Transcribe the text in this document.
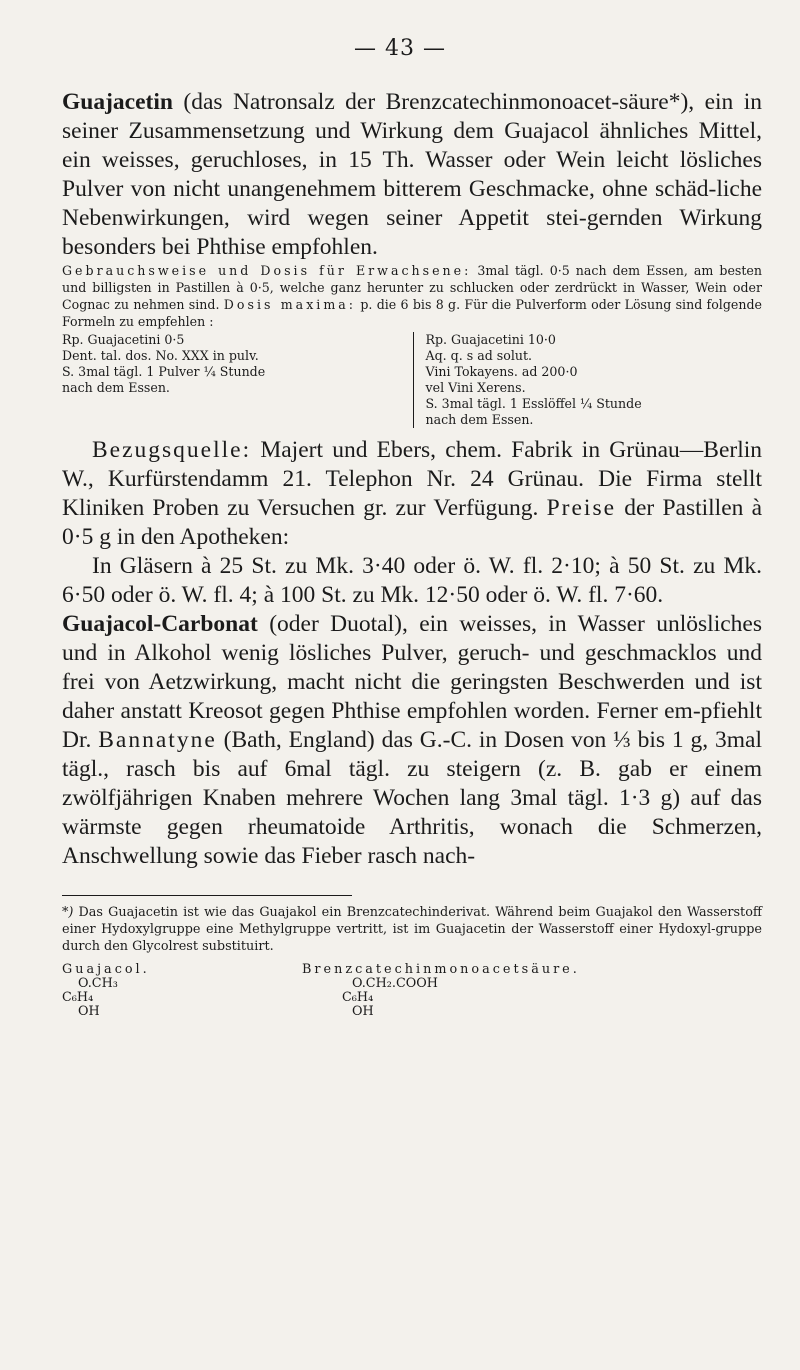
— 43 —

Guajacetin (das Natronsalz der Brenzcatechinmonoacet-säure*), ein in seiner Zusammensetzung und Wirkung dem Guajacol ähnliches Mittel, ein weisses, geruchloses, in 15 Th. Wasser oder Wein leicht lösliches Pulver von nicht unangenehmem bitterem Geschmacke, ohne schäd-liche Nebenwirkungen, wird wegen seiner Appetit stei-gernden Wirkung besonders bei Phthise empfohlen.

Gebrauchsweise und Dosis für Erwachsene: 3mal tägl. 0·5 nach dem Essen, am besten und billigsten in Pastillen à 0·5, welche ganz herunter zu schlucken oder zerdrückt in Wasser, Wein oder Cognac zu nehmen sind. Dosis maxima: p. die 6 bis 8 g. Für die Pulverform oder Lösung sind folgende Formeln zu empfehlen :

Rp. Guajacetini 0·5
Dent. tal. dos. No. XXX in pulv.
S. 3mal tägl. 1 Pulver ¼ Stunde
nach dem Essen.
Rp. Guajacetini 10·0
Aq. q. s ad solut.
Vini Tokayens. ad 200·0
vel Vini Xerens.
S. 3mal tägl. 1 Esslöffel ¼ Stunde
nach dem Essen.

Bezugsquelle: Majert und Ebers, chem. Fabrik in Grünau—Berlin W., Kurfürstendamm 21. Telephon Nr. 24 Grünau. Die Firma stellt Kliniken Proben zu Versuchen gr. zur Verfügung. Preise der Pastillen à 0·5 g in den Apotheken:

In Gläsern à 25 St. zu Mk. 3·40 oder ö. W. fl. 2·10; à 50 St. zu Mk. 6·50 oder ö. W. fl. 4; à 100 St. zu Mk. 12·50 oder ö. W. fl. 7·60.

Guajacol-Carbonat (oder Duotal), ein weisses, in Wasser unlösliches und in Alkohol wenig lösliches Pulver, geruch- und geschmacklos und frei von Aetzwirkung, macht nicht die geringsten Beschwerden und ist daher anstatt Kreosot gegen Phthise empfohlen worden. Ferner em-pfiehlt Dr. Bannatyne (Bath, England) das G.-C. in Dosen von ⅓ bis 1 g, 3mal tägl., rasch bis auf 6mal tägl. zu steigern (z. B. gab er einem zwölfjährigen Knaben mehrere Wochen lang 3mal tägl. 1·3 g) auf das wärmste gegen rheumatoide Arthritis, wonach die Schmerzen, Anschwellung sowie das Fieber rasch nach-

*) Das Guajacetin ist wie das Guajakol ein Brenzcatechinderivat. Während beim Guajakol den Wasserstoff einer Hydoxylgruppe eine Methylgruppe vertritt, ist im Guajacetin der Wasserstoff einer Hydoxyl-gruppe durch den Glycolrest substituirt.

Guajacol.
O.CH₃
C₆H₄
OH
Brenzcatechinmonoacetsäure.
O.CH₂.COOH
C₆H₄
OH
